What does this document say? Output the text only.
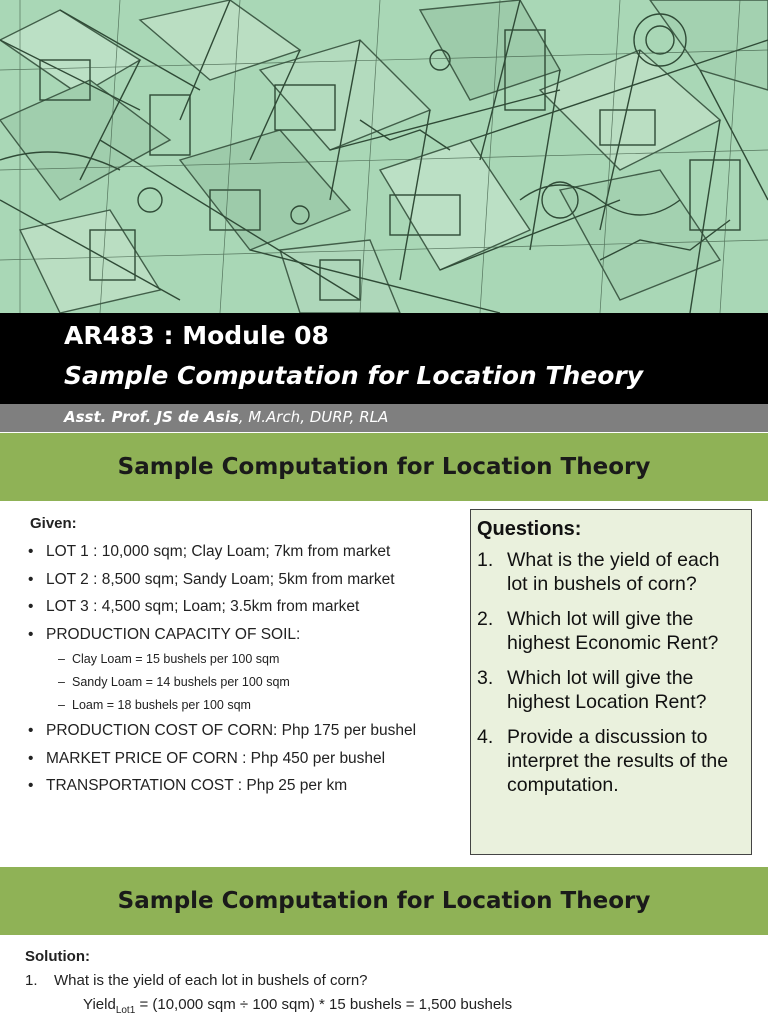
AR483 : Module 08
Sample Computation for Location Theory
Asst. Prof. JS de Asis, M.Arch, DURP, RLA
Sample Computation for Location Theory
Given:
• LOT 1 : 10,000 sqm; Clay Loam; 7km from market
• LOT 2 : 8,500 sqm; Sandy Loam; 5km from market
• LOT 3 : 4,500 sqm; Loam; 3.5km from market
• PRODUCTION CAPACITY OF SOIL:
– Clay Loam = 15 bushels per 100 sqm
– Sandy Loam = 14 bushels per 100 sqm
– Loam = 18 bushels per 100 sqm
• PRODUCTION COST OF CORN: Php 175 per bushel
• MARKET PRICE OF CORN : Php 450 per bushel
• TRANSPORTATION COST : Php 25 per km
Questions:
1. What is the yield of each lot in bushels of corn?
2. Which lot will give the highest Economic Rent?
3. Which lot will give the highest Location Rent?
4. Provide a discussion to interpret the results of the computation.
Sample Computation for Location Theory
Solution:
1. What is the yield of each lot in bushels of corn?
Yield$_{Lot1}$ = (10,000 sqm ÷ 100 sqm) * 15 bushels = 1,500 bushels
